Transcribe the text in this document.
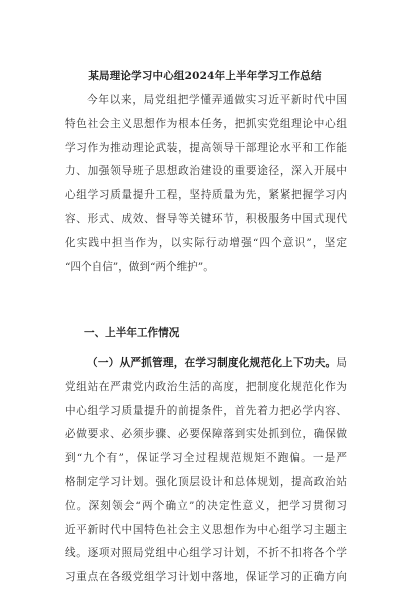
某局理论学习中心组2024年上半年学习工作总结
今年以来，局党组把学懂弄通做实习近平新时代中国
特色社会主义思想作为根本任务，把抓实党组理论中心组
学习作为推动理论武装，提高领导干部理论水平和工作能
力、加强领导班子思想政治建设的重要途径，深入开展中
心组学习质量提升工程，坚持质量为先，紧紧把握学习内
容、形式、成效、督导等关键环节，积极服务中国式现代
化实践中担当作为，以实际行动增强“四个意识”，坚定
“四个自信”，做到“两个维护”。
一、上半年工作情况
（一）从严抓管理，在学习制度化规范化上下功夫。局
党组站在严肃党内政治生活的高度，把制度化规范化作为
中心组学习质量提升的前提条件，首先着力把必学内容、
必做要求、必须步骤、必要保障落到实处抓到位，确保做
到“九个有”，保证学习全过程规范规矩不跑偏。一是严
格制定学习计划。强化顶层设计和总体规划，提高政治站
位。深刻领会“两个确立”的决定性意义，把学习贯彻习
近平新时代中国特色社会主义思想作为中心组学习主题主
线。逐项对照局党组中心组学习计划，不折不扣将各个学
习重点在各级党组学习计划中落地，保证学习的正确方向
